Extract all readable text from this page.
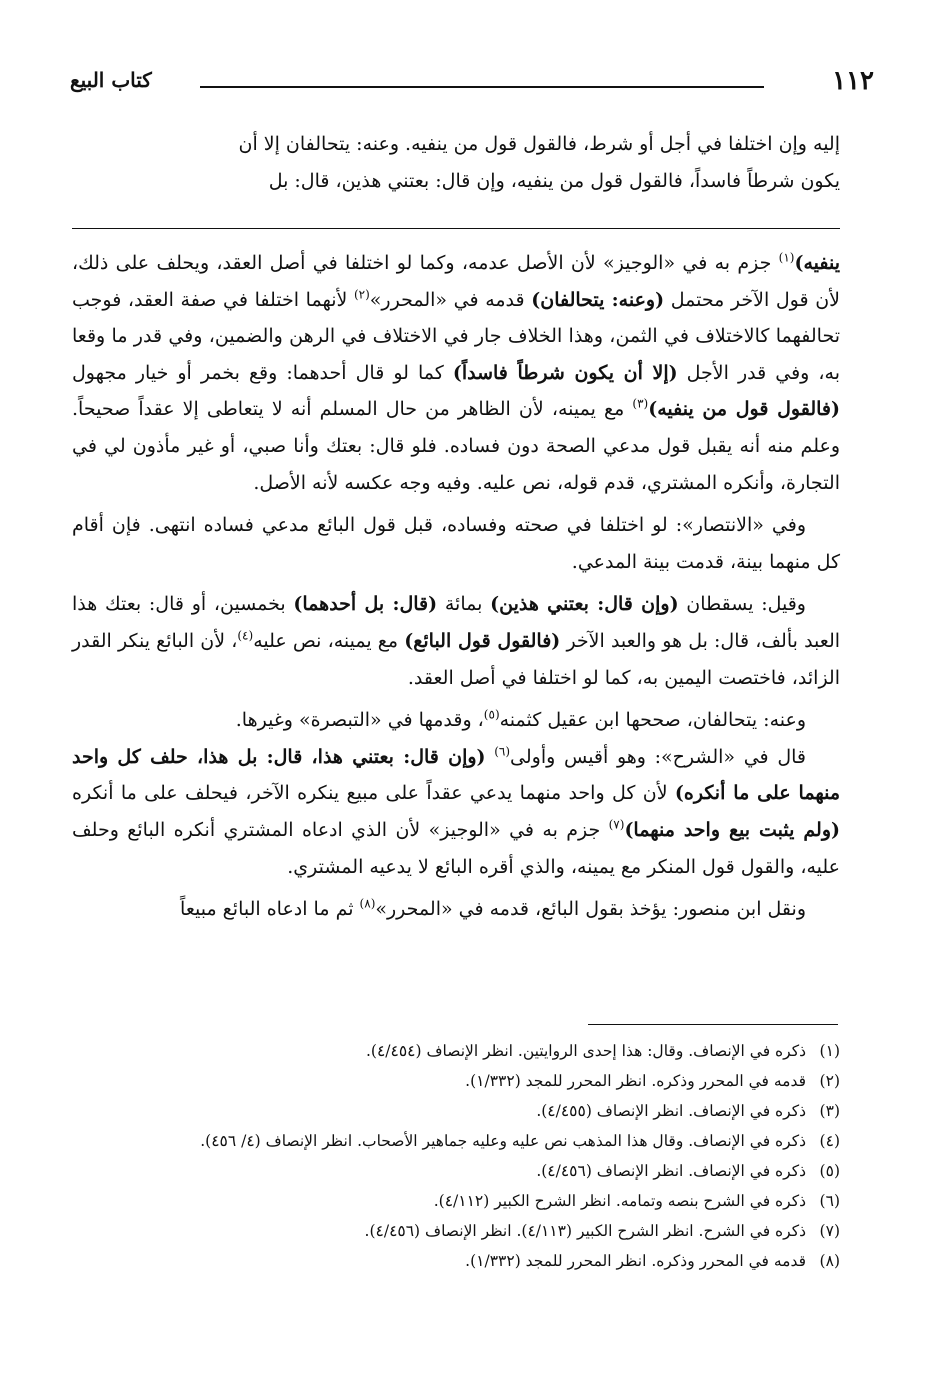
١١٢
كتاب البيع

إليه وإن اختلفا في أجل أو شرط، فالقول قول من ينفيه. وعنه: يتحالفان إلا أن

يكون شرطاً فاسداً، فالقول قول من ينفيه، وإن قال: بعتني هذين، قال: بل

ينفيه)$^{(١)}$ جزم به في «الوجيز» لأن الأصل عدمه، وكما لو اختلفا في أصل العقد، ويحلف على ذلك، لأن قول الآخر محتمل (وعنه: يتحالفان) قدمه في «المحرر»$^{(٢)}$ لأنهما اختلفا في صفة العقد، فوجب تحالفهما كالاختلاف في الثمن، وهذا الخلاف جار في الاختلاف في الرهن والضمين، وفي قدر ما وقعا به، وفي قدر الأجل (إلا أن يكون شرطاً فاسداً) كما لو قال أحدهما: وقع بخمر أو خيار مجهول (فالقول قول من ينفيه)$^{(٣)}$ مع يمينه، لأن الظاهر من حال المسلم أنه لا يتعاطى إلا عقداً صحيحاً. وعلم منه أنه يقبل قول مدعي الصحة دون فساده. فلو قال: بعتك وأنا صبي، أو غير مأذون لي في التجارة، وأنكره المشتري، قدم قوله، نص عليه. وفيه وجه عكسه لأنه الأصل.

وفي «الانتصار»: لو اختلفا في صحته وفساده، قبل قول البائع مدعي فساده انتهى. فإن أقام كل منهما بينة، قدمت بينة المدعي.

وقيل: يسقطان (وإن قال: بعتني هذين) بمائة (قال: بل أحدهما) بخمسين، أو قال: بعتك هذا العبد بألف، قال: بل هو والعبد الآخر (فالقول قول البائع) مع يمينه، نص عليه$^{(٤)}$، لأن البائع ينكر القدر الزائد، فاختصت اليمين به، كما لو اختلفا في أصل العقد.

وعنه: يتحالفان، صححها ابن عقيل كثمنه$^{(٥)}$، وقدمها في «التبصرة» وغيرها.

قال في «الشرح»: وهو أقيس وأولى$^{(٦)}$ (وإن قال: بعتني هذا، قال: بل هذا، حلف كل واحد منهما على ما أنكره) لأن كل واحد منهما يدعي عقداً على مبيع ينكره الآخر، فيحلف على ما أنكره (ولم يثبت بيع واحد منهما)$^{(٧)}$ جزم به في «الوجيز» لأن الذي ادعاه المشتري أنكره البائع وحلف عليه، والقول قول المنكر مع يمينه، والذي أقره البائع لا يدعيه المشتري.

ونقل ابن منصور: يؤخذ بقول البائع، قدمه في «المحرر»$^{(٨)}$ ثم ما ادعاه البائع مبيعاً

(١)
ذكره في الإنصاف. وقال: هذا إحدى الروايتين. انظر الإنصاف (٤/٤٥٤).
(٢)
قدمه في المحرر وذكره. انظر المحرر للمجد (١/٣٣٢).
(٣)
ذكره في الإنصاف. انظر الإنصاف (٤/٤٥٥).
(٤)
ذكره في الإنصاف. وقال هذا المذهب نص عليه وعليه جماهير الأصحاب. انظر الإنصاف (٤/ ٤٥٦).
(٥)
ذكره في الإنصاف. انظر الإنصاف (٤/٤٥٦).
(٦)
ذكره في الشرح بنصه وتمامه. انظر الشرح الكبير (٤/١١٢).
(٧)
ذكره في الشرح. انظر الشرح الكبير (٤/١١٣). انظر الإنصاف (٤/٤٥٦).
(٨)
قدمه في المحرر وذكره. انظر المحرر للمجد (١/٣٣٢).
